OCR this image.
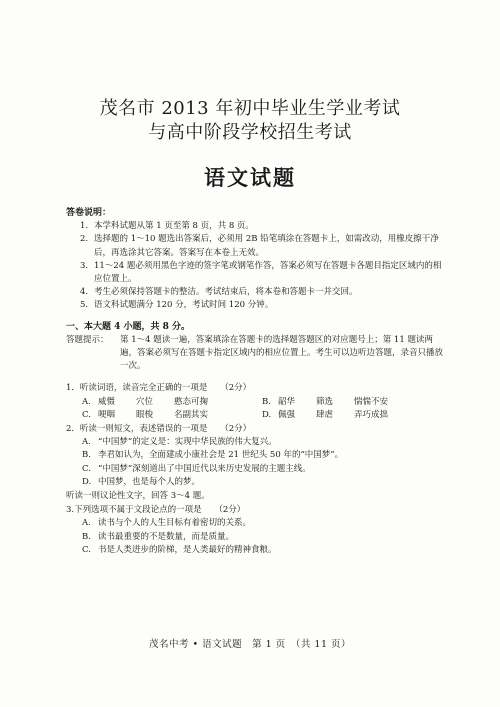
茂名市 2013 年初中毕业生学业考试
与高中阶段学校招生考试
语文试题
答卷说明：
1. 本学科试题从第 1 页至第 8 页，共 8 页。
2. 选择题的 1～10 题选出答案后，必须用 2B 铅笔填涂在答题卡上，如需改动，用橡皮擦干净后，再选涂其它答案。答案写在本卷上无效。
3. 11～24 题必须用黑色字迹的签字笔或钢笔作答，答案必须写在答题卡各题目指定区域内的相应位置上。
4. 考生必须保持答题卡的整洁。考试结束后，将本卷和答题卡一并交回。
5. 语文科试题满分 120 分，考试时间 120 分钟。
一、本大题 4 小题，共 8 分。
答题提示：	第 1～4 题读一遍，答案填涂在答题卡的选择题答题区的对应题号上；第 11 题读两遍，答案必须写在答题卡指定区域内的相应位置上。考生可以边听边答题，录音只播放一次。
1．听读词语，读音完全正确的一项是　　 （2分）
A. 威慑	穴位	憨态可掬	B. 韶华	筛选	惴惴不安
C. 哽咽	眼梭	名副其实	D. 佩强	肆虐	弄巧成拙
2．听读一则短文，表述错误的一项是　　 （2分）
A. “中国梦”的定义是：实现中华民族的伟大复兴。
B. 李君如认为，全面建成小康社会是 21 世纪头 50 年的“中国梦”。
C. “中国梦”深刻道出了中国近代以来历史发展的主题主线。
D. 中国梦，也是每个人的梦。
听读一则议论性文字，回答 3～4 题。
3.下列选项不属于文段论点的一项是　　 （2分）
A. 读书与个人的人生目标有着密切的关系。
B. 读书最重要的不是数量，而是质量。
C. 书是人类进步的阶梯，是人类最好的精神食粮。
茂名中考 • 语文试题　第 1 页　（共 11 页）
